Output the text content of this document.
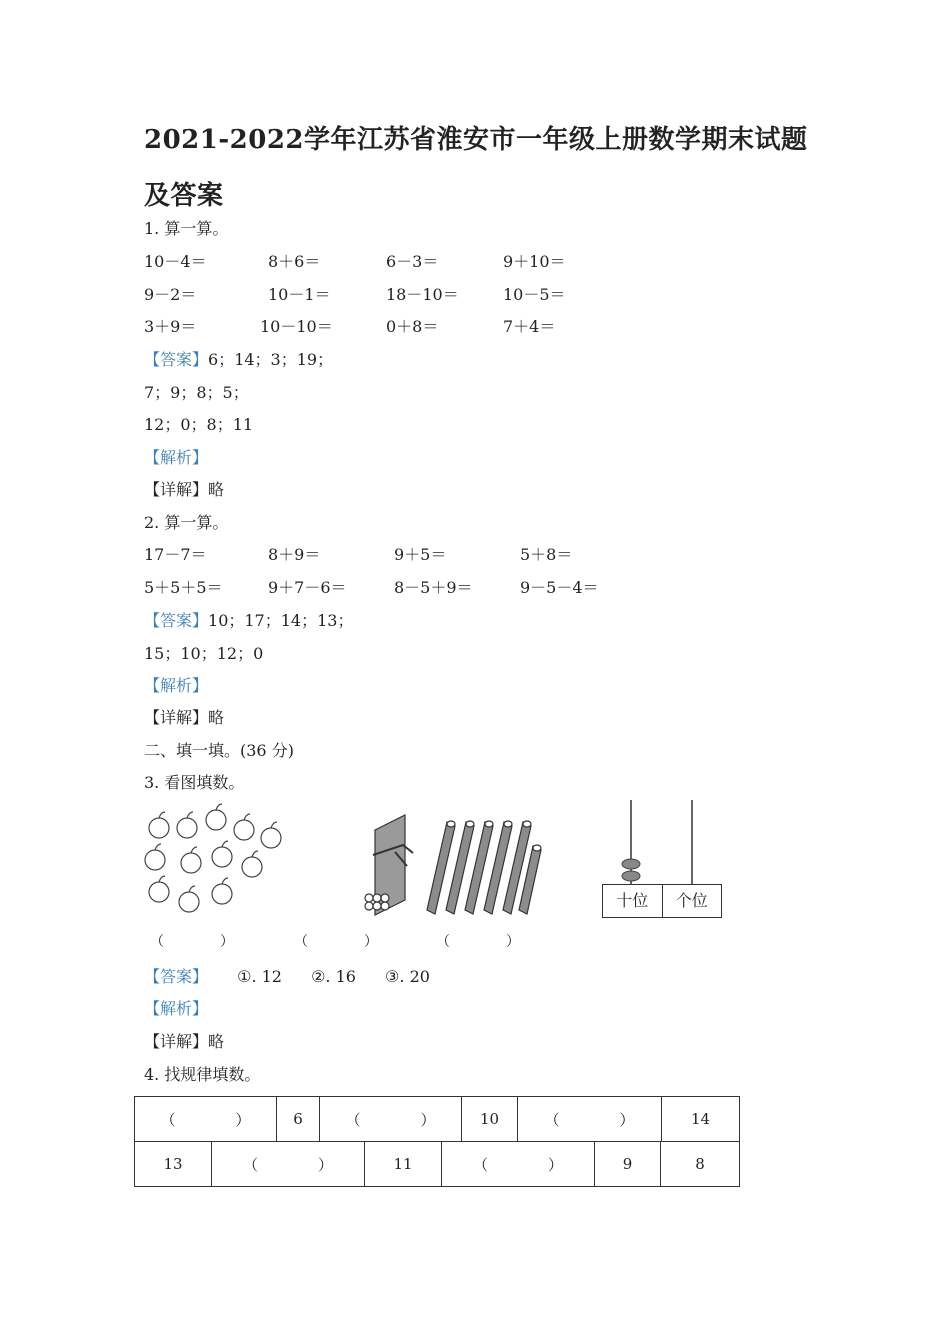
2021-2022学年江苏省淮安市一年级上册数学期末试题及答案
1. 算一算。
10－4＝	8＋6＝	6－3＝	9＋10＝
9－2＝	10－1＝	18－10＝	10－5＝
3＋9＝	10－10＝	0＋8＝	7＋4＝
【答案】6；14；3；19；
7；9；8；5；
12；0；8；11
【解析】
【详解】略
2. 算一算。
17－7＝	8＋9＝	9＋5＝	5＋8＝
5＋5＋5＝	9＋7－6＝	8－5＋9＝	9－5－4＝
【答案】10；17；14；13；
15；10；12；0
【解析】
【详解】略
二、填一填。(36 分)
3. 看图填数。
十位	个位
（　　　　）	（　　　　）	（　　　　）
【答案】 ①. 12 ②. 16 ③. 20
【解析】
【详解】略
4. 找规律填数。
（　　　　）	6	（　　　　）	10	（　　　　）	14
13	（　　　　）	11	（　　　　）	9	8
